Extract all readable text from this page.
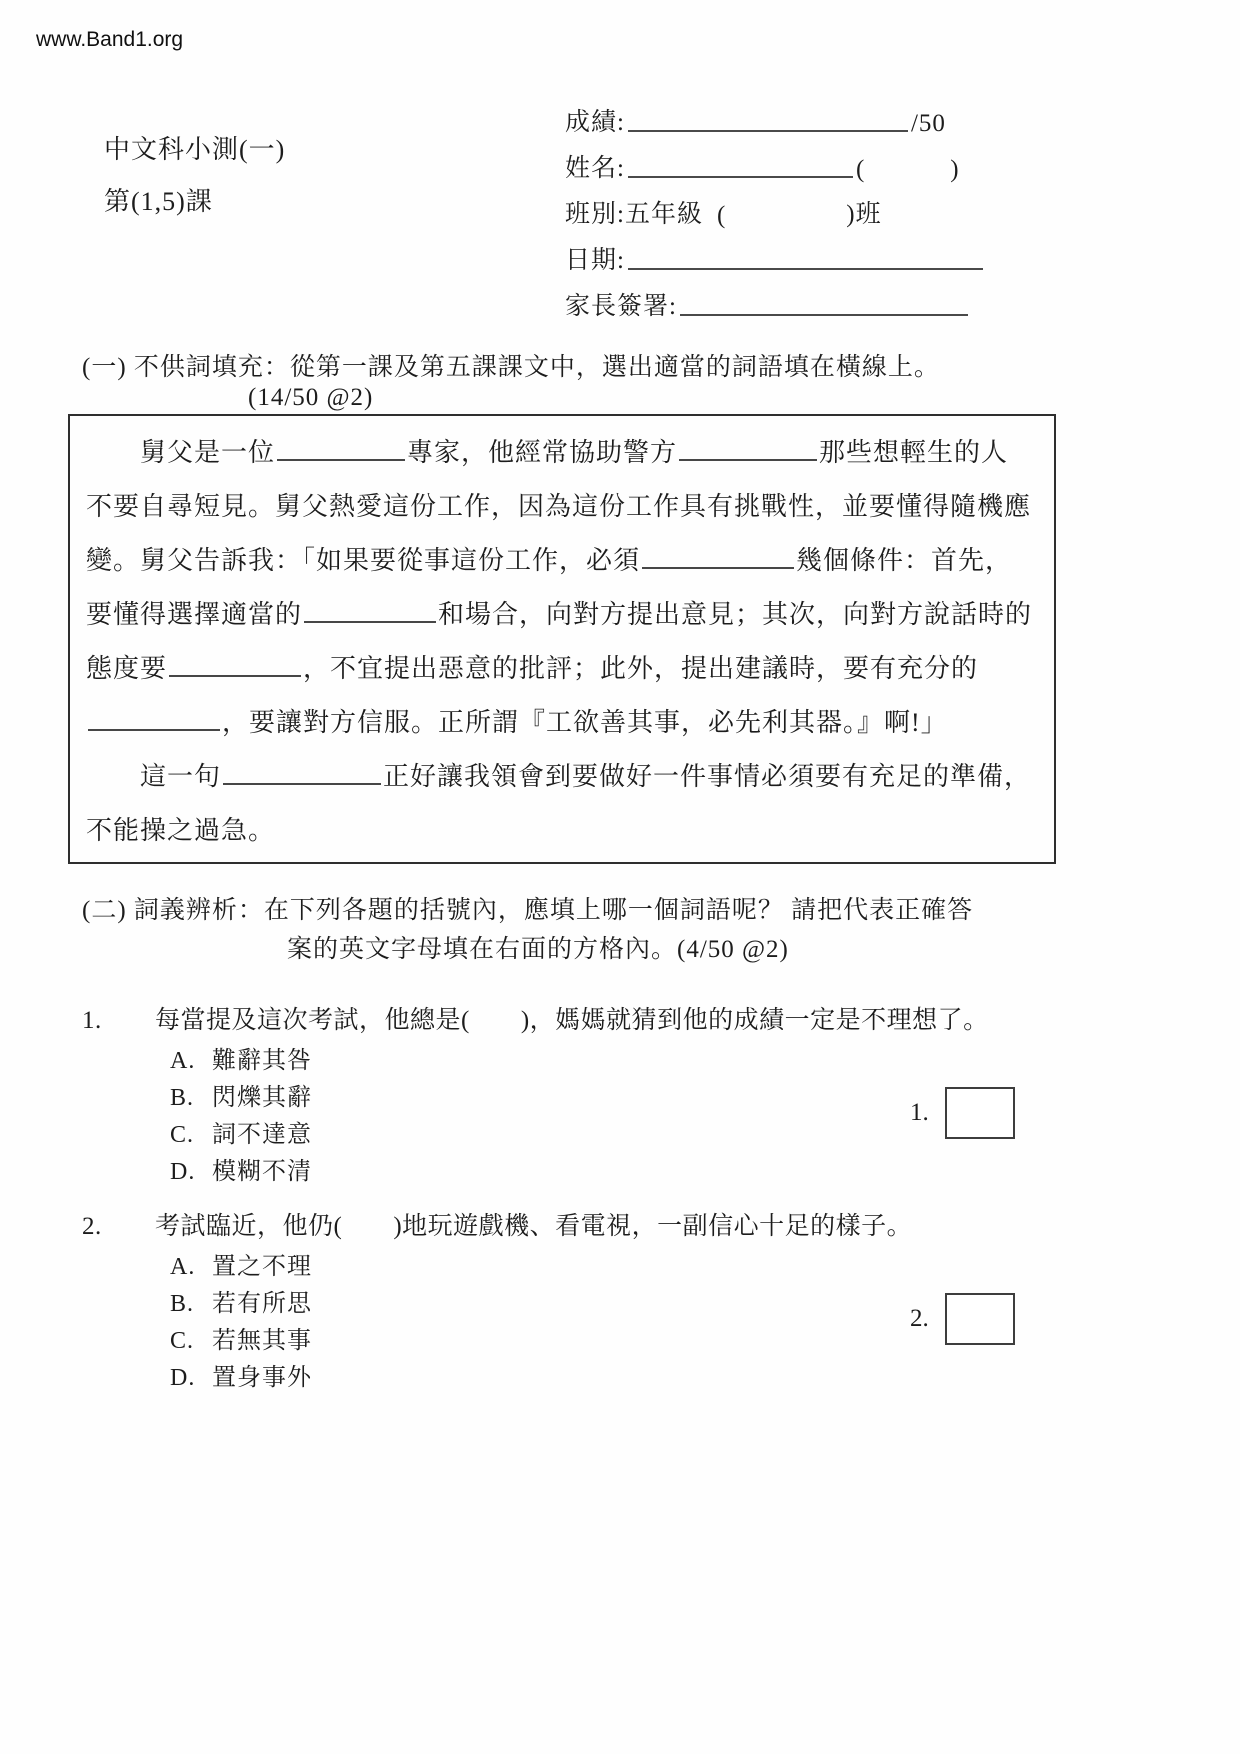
www.Band1.org
中文科小測(一)
第(1,5)課
成績:	/50
姓名:	(	)
班別:五年級 (	)班
日期:
家長簽署:
(一) 不供詞填充：從第一課及第五課課文中，選出適當的詞語填在橫線上。
(14/50 @2)
舅父是一位	專家，他經常協助警方	那些想輕生的人
不要自尋短見。舅父熱愛這份工作，因為這份工作具有挑戰性，並要懂得隨機應
變。舅父告訴我：「如果要從事這份工作，必須	幾個條件：首先，
要懂得選擇適當的	和場合，向對方提出意見；其次，向對方說話時的
態度要	，不宜提出惡意的批評；此外，提出建議時，要有充分的
，要讓對方信服。正所謂『工欲善其事，必先利其器。』啊!」
這一句	正好讓我領會到要做好一件事情必須要有充足的準備，
不能操之過急。
(二) 詞義辨析：在下列各題的括號內，應填上哪一個詞語呢？ 請把代表正確答
案的英文字母填在右面的方格內。(4/50 @2)
1.	每當提及這次考試，他總是(　　)，媽媽就猜到他的成績一定是不理想了。
A. 難辭其咎
B. 閃爍其辭
C. 詞不達意
D. 模糊不清
1.
2.	考試臨近，他仍(　　)地玩遊戲機、看電視，一副信心十足的樣子。
A. 置之不理
B. 若有所思
C. 若無其事
D. 置身事外
2.
